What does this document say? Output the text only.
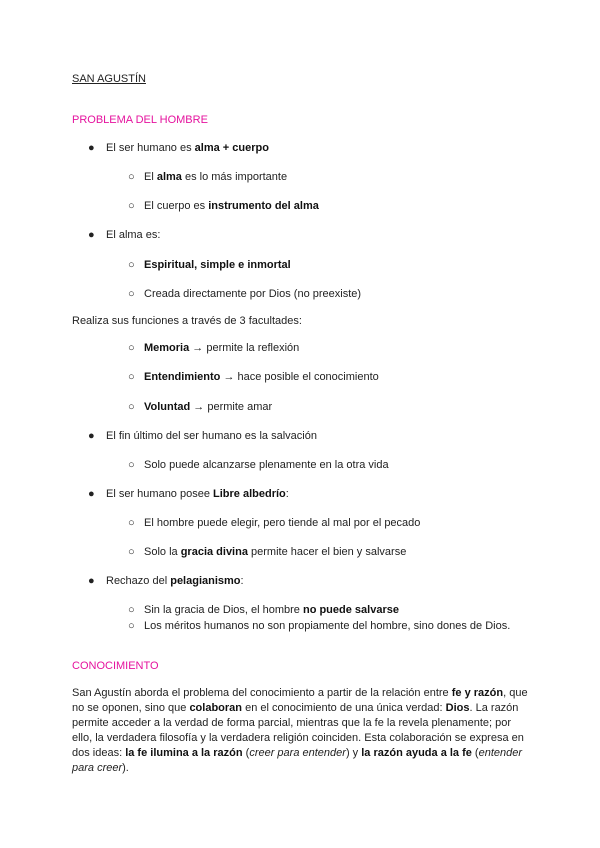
SAN AGUSTÍN
PROBLEMA DEL HOMBRE
● El ser humano es alma + cuerpo
○ El alma es lo más importante
○ El cuerpo es instrumento del alma
● El alma es:
○ Espiritual, simple e inmortal
○ Creada directamente por Dios (no preexiste)
Realiza sus funciones a través de 3 facultades:
○ Memoria → permite la reflexión
○ Entendimiento → hace posible el conocimiento
○ Voluntad → permite amar
● El fin último del ser humano es la salvación
○ Solo puede alcanzarse plenamente en la otra vida
● El ser humano posee Libre albedrío:
○ El hombre puede elegir, pero tiende al mal por el pecado
○ Solo la gracia divina permite hacer el bien y salvarse
● Rechazo del pelagianismo:
○ Sin la gracia de Dios, el hombre no puede salvarse
○ Los méritos humanos no son propiamente del hombre, sino dones de Dios.
CONOCIMIENTO
San Agustín aborda el problema del conocimiento a partir de la relación entre fe y razón, que no se oponen, sino que colaboran en el conocimiento de una única verdad: Dios. La razón permite acceder a la verdad de forma parcial, mientras que la fe la revela plenamente; por ello, la verdadera filosofía y la verdadera religión coinciden. Esta colaboración se expresa en dos ideas: la fe ilumina a la razón (creer para entender) y la razón ayuda a la fe (entender para creer).
